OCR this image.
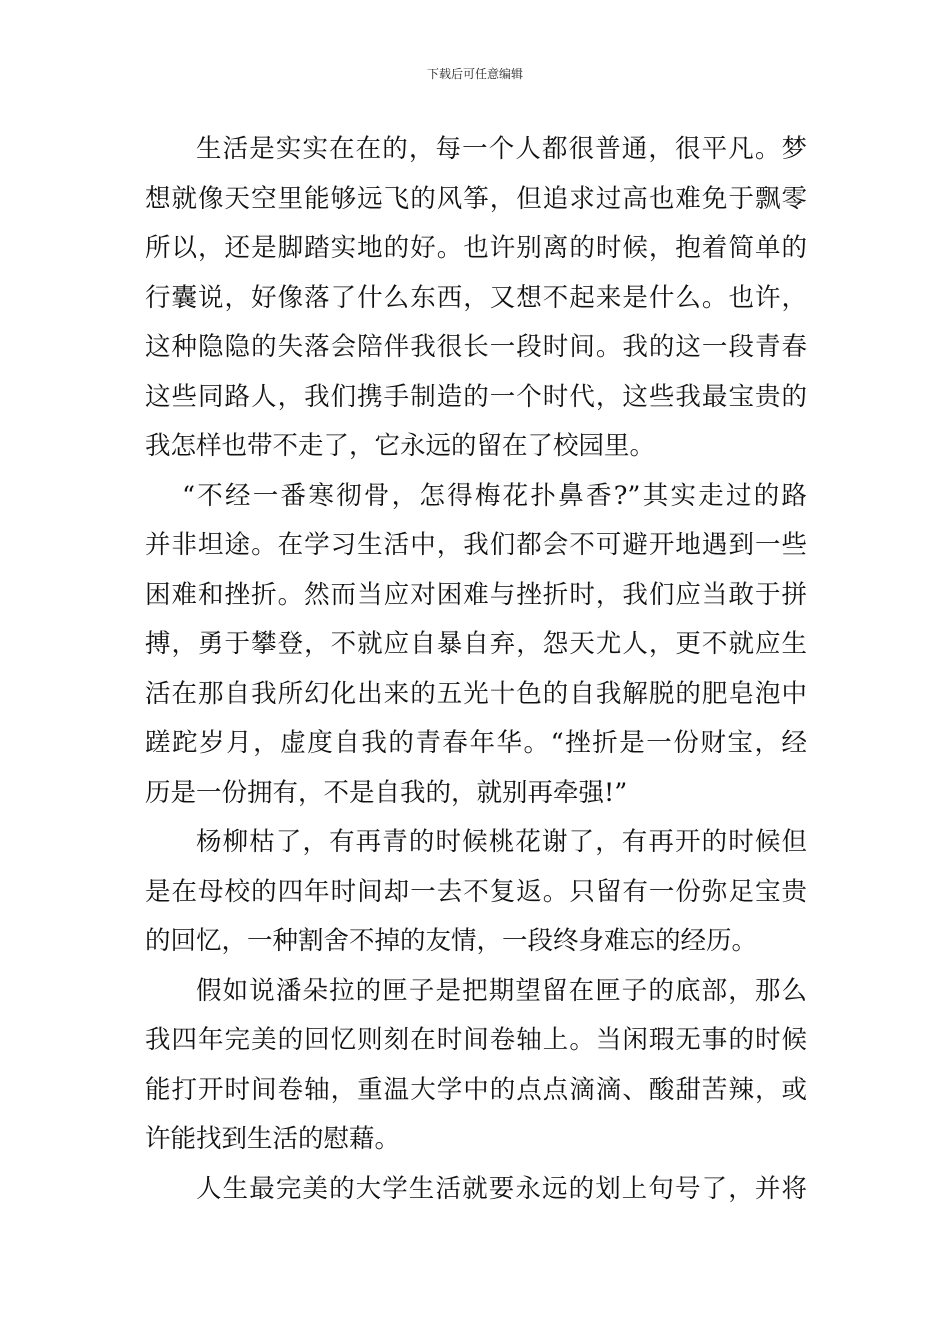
下载后可任意编辑
生活是实实在在的，每一个人都很普通，很平凡。梦
想就像天空里能够远飞的风筝，但追求过高也难免于飘零
所以，还是脚踏实地的好。也许别离的时候，抱着简单的
行囊说，好像落了什么东西，又想不起来是什么。也许，
这种隐隐的失落会陪伴我很长一段时间。我的这一段青春
这些同路人，我们携手制造的一个时代，这些我最宝贵的
我怎样也带不走了，它永远的留在了校园里。
“不经一番寒彻骨，怎得梅花扑鼻香?”其实走过的路
并非坦途。在学习生活中，我们都会不可避开地遇到一些
困难和挫折。然而当应对困难与挫折时，我们应当敢于拼
搏，勇于攀登，不就应自暴自弃，怨天尤人，更不就应生
活在那自我所幻化出来的五光十色的自我解脱的肥皂泡中
蹉跎岁月，虚度自我的青春年华。“挫折是一份财宝，经
历是一份拥有，不是自我的，就别再牵强!”
杨柳枯了，有再青的时候桃花谢了，有再开的时候但
是在母校的四年时间却一去不复返。只留有一份弥足宝贵
的回忆，一种割舍不掉的友情，一段终身难忘的经历。
假如说潘朵拉的匣子是把期望留在匣子的底部，那么
我四年完美的回忆则刻在时间卷轴上。当闲瑕无事的时候
能打开时间卷轴，重温大学中的点点滴滴、酸甜苦辣，或
许能找到生活的慰藉。
人生最完美的大学生活就要永远的划上句号了，并将
